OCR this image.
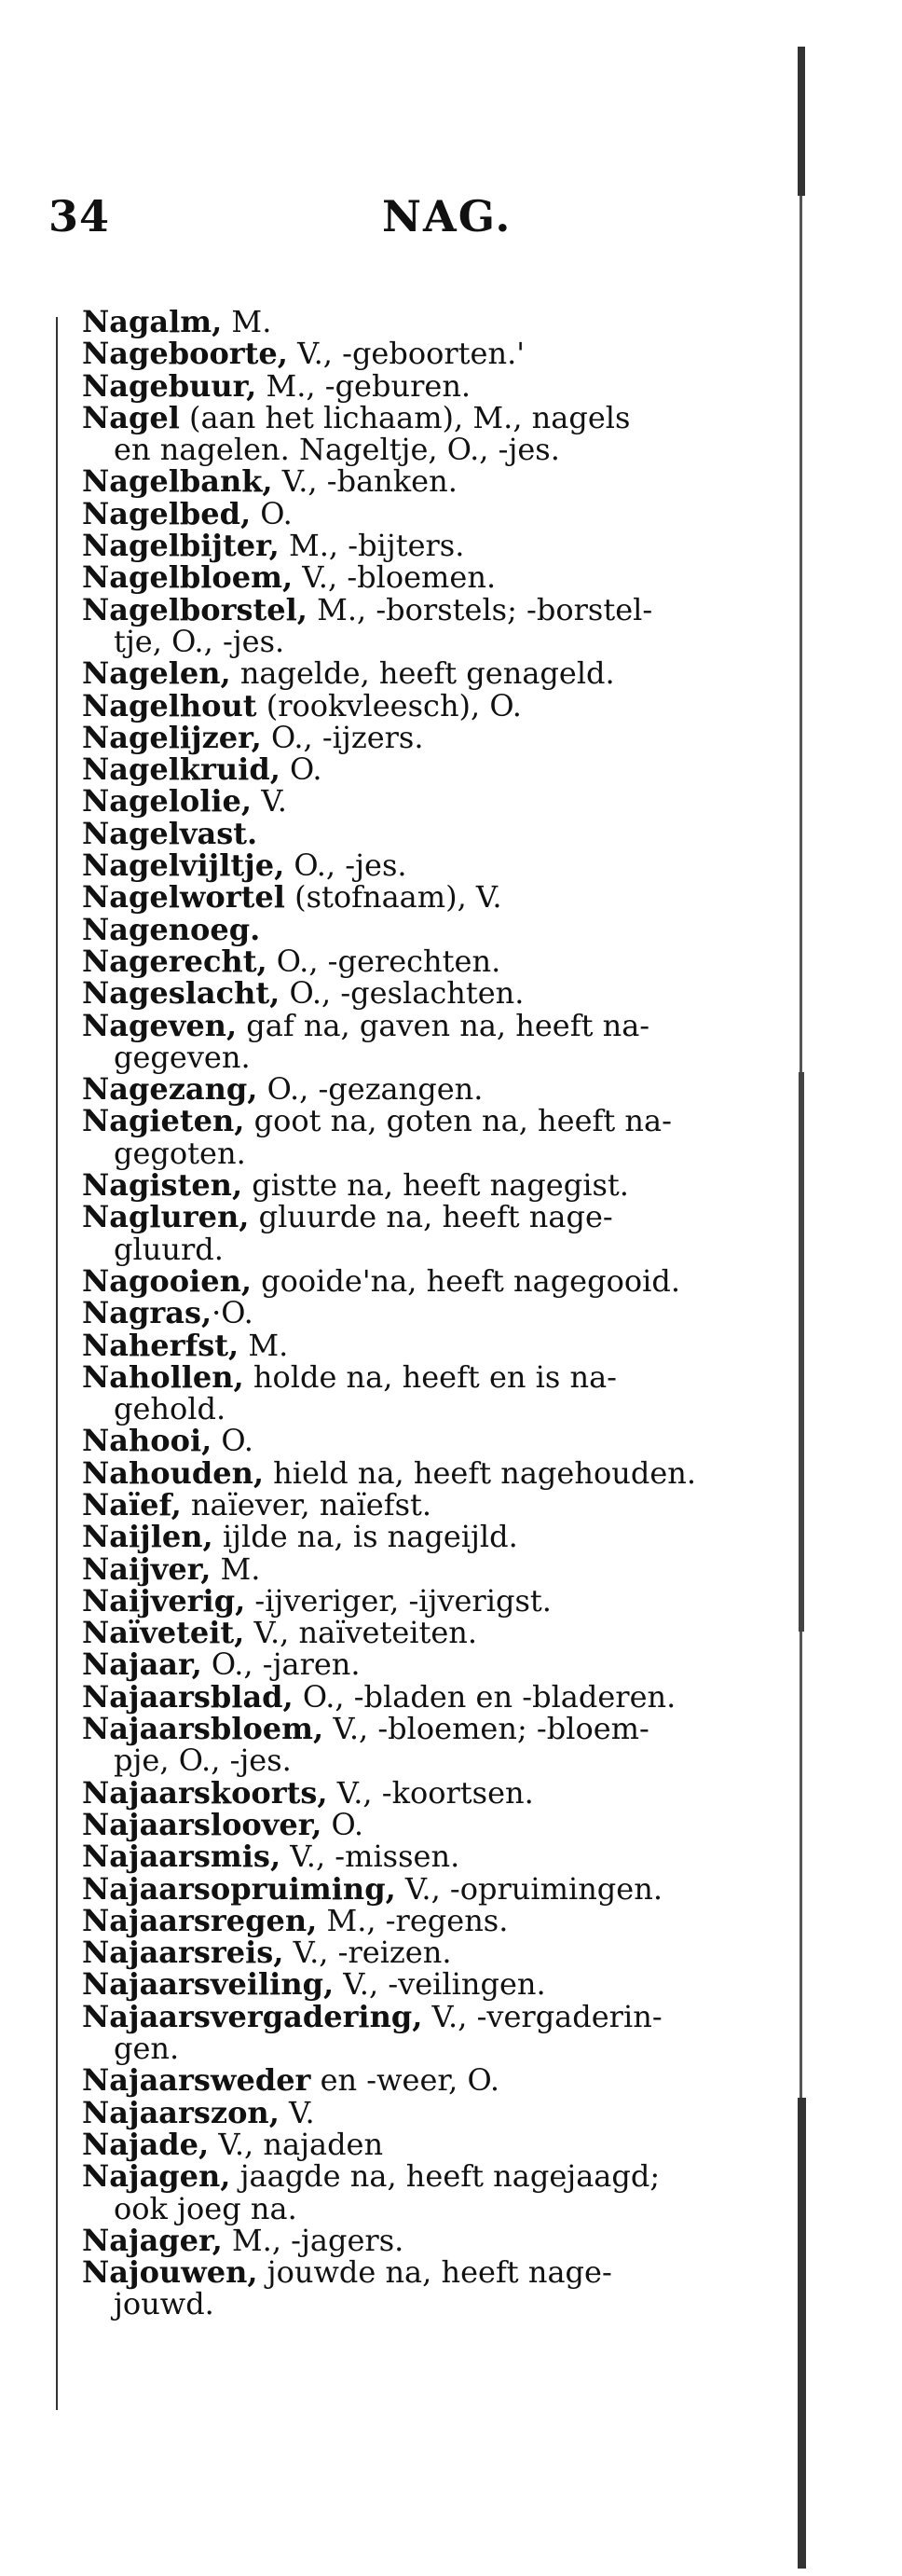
34	NAG.
Nagalm, M.
Nageboorte, V., -geboorten.'
Nagebuur, M., -geburen.
Nagel (aan het lichaam), M., nagels
en nagelen. Nageltje, O., -jes.
Nagelbank, V., -banken.
Nagelbed, O.
Nagelbijter, M., -bijters.
Nagelbloem, V., -bloemen.
Nagelborstel, M., -borstels; -borstel-
tje, O., -jes.
Nagelen, nagelde, heeft genageld.
Nagelhout (rookvleesch), O.
Nagelijzer, O., -ijzers.
Nagelkruid, O.
Nagelolie, V.
Nagelvast.
Nagelvijltje, O., -jes.
Nagelwortel (stofnaam), V.
Nagenoeg.
Nagerecht, O., -gerechten.
Nageslacht, O., -geslachten.
Nageven, gaf na, gaven na, heeft na-
gegeven.
Nagezang, O., -gezangen.
Nagieten, goot na, goten na, heeft na-
gegoten.
Nagisten, gistte na, heeft nagegist.
Nagluren, gluurde na, heeft nage-
gluurd.
Nagooien, gooide'na, heeft nagegooid.
Nagras,·O.
Naherfst, M.
Nahollen, holde na, heeft en is na-
gehold.
Nahooi, O.
Nahouden, hield na, heeft nagehouden.
Naïef, naïever, naïefst.
Naijlen, ijlde na, is nageijld.
Naijver, M.
Naijverig, -ijveriger, -ijverigst.
Naïveteit, V., naïveteiten.
Najaar, O., -jaren.
Najaarsblad, O., -bladen en -bladeren.
Najaarsbloem, V., -bloemen; -bloem-
pje, O., -jes.
Najaarskoorts, V., -koortsen.
Najaarsloover, O.
Najaarsmis, V., -missen.
Najaarsopruiming, V., -opruimingen.
Najaarsregen, M., -regens.
Najaarsreis, V., -reizen.
Najaarsveiling, V., -veilingen.
Najaarsvergadering, V., -vergaderin-
gen.
Najaarsweder en -weer, O.
Najaarszon, V.
Najade, V., najaden
Najagen, jaagde na, heeft nagejaagd;
ook joeg na.
Najager, M., -jagers.
Najouwen, jouwde na, heeft nage-
jouwd.
